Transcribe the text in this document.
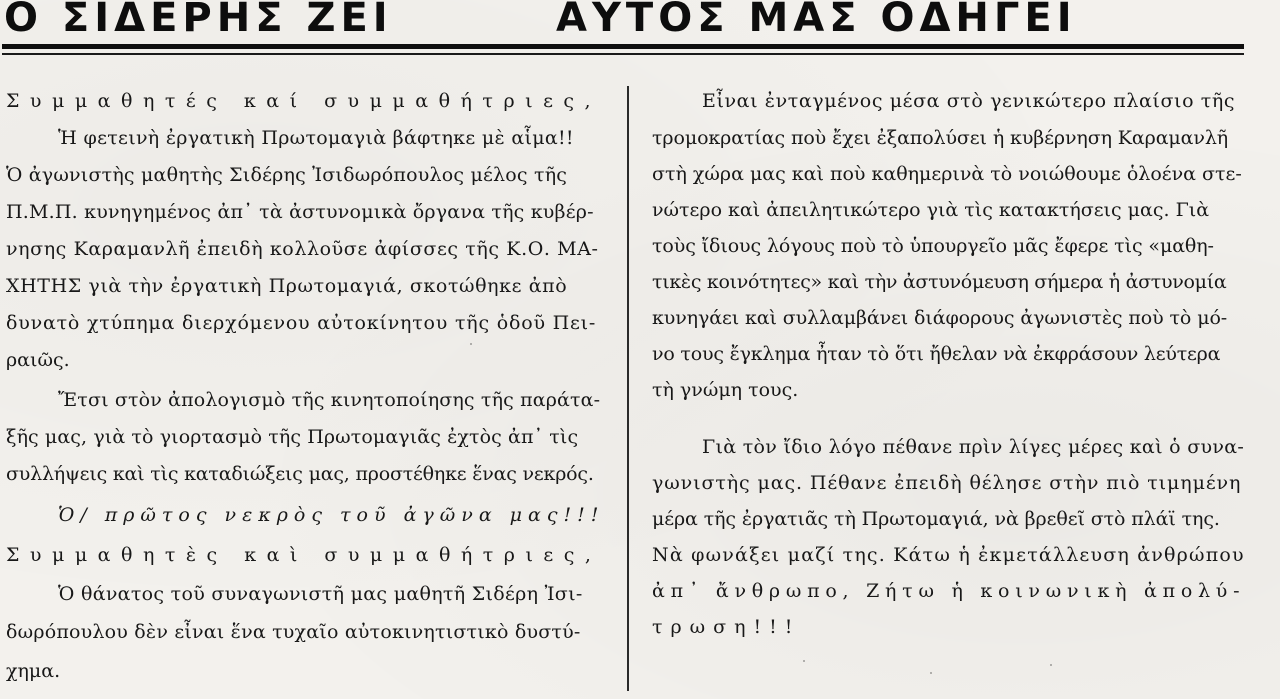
Ο ΣΙΔΕΡΗΣ ΖΕΙ	ΑΥΤΟΣ ΜΑΣ ΟΔΗΓΕΙ
Συμμαθητές καί συμμαθήτριες,
Ἡ φετεινὴ ἐργατικὴ Πρωτομαγιὰ βάφτηκε μὲ αἷμα!!
Ὁ ἀγωνιστὴς μαθητὴς Σιδέρης Ἰσιδωρόπουλος μέλος τῆς
Π.Μ.Π. κυνηγημένος ἀπ᾽ τὰ ἀστυνομικὰ ὄργανα τῆς κυβέρ-
νησης Καραμανλῆ ἐπειδὴ κολλοῦσε ἀφίσσες τῆς Κ.Ο. ΜΑ-
ΧΗΤΗΣ γιὰ τὴν ἐργατικὴ Πρωτομαγιά, σκοτώθηκε ἀπὸ
δυνατὸ χτύπημα διερχόμενου αὐτοκίνητου τῆς ὁδοῦ Πει-
ραιῶς.
Ἔτσι στὸν ἀπολογισμὸ τῆς κινητοποίησης τῆς παράτα-
ξῆς μας, γιὰ τὸ γιορτασμὸ τῆς Πρωτομαγιᾶς ἐχτὸς ἀπ᾽ τὶς
συλλήψεις καὶ τὶς καταδιώξεις μας, προστέθηκε ἕνας νεκρός.
Ὁ/ πρῶτος νεκρὸς τοῦ ἀγῶνα μας!!!
Συμμαθητὲς καὶ συμμαθήτριες,
Ὁ θάνατος τοῦ συναγωνιστῆ μας μαθητῆ Σιδέρη Ἰσι-
δωρόπουλου δὲν εἶναι ἕνα τυχαῖο αὐτοκινητιστικὸ δυστύ-
χημα.
Εἶναι ἐνταγμένος μέσα στὸ γενικώτερο πλαίσιο τῆς
τρομοκρατίας ποὺ ἔχει ἐξαπολύσει ἡ κυβέρνηση Καραμανλῆ
στὴ χώρα μας καὶ ποὺ καθημερινὰ τὸ νοιώθουμε ὁλοένα στε-
νώτερο καὶ ἀπειλητικώτερο γιὰ τὶς κατακτήσεις μας. Γιὰ
τοὺς ἴδιους λόγους ποὺ τὸ ὑπουργεῖο μᾶς ἔφερε τὶς «μαθη-
τικὲς κοινότητες» καὶ τὴν ἀστυνόμευση σήμερα ἡ ἀστυνομία
κυνηγάει καὶ συλλαμβάνει διάφορους ἀγωνιστὲς ποὺ τὸ μό-
νο τους ἔγκλημα ἦταν τὸ ὅτι ἤθελαν νὰ ἐκφράσουν λεύτερα
τὴ γνώμη τους.
Γιὰ τὸν ἴδιο λόγο πέθανε πρὶν λίγες μέρες καὶ ὁ συνα-
γωνιστὴς μας. Πέθανε ἐπειδὴ θέλησε στὴν πιὸ τιμημένη
μέρα τῆς ἐργατιᾶς τὴ Πρωτομαγιά, νὰ βρεθεῖ στὸ πλάϊ της.
Νὰ φωνάξει μαζί της. Κάτω ἡ ἐκμετάλλευση ἀνθρώπου
ἀπ᾽ ἄνθρωπο, Ζήτω ἡ κοινωνικὴ ἀπολύ-
τρωση!!!
